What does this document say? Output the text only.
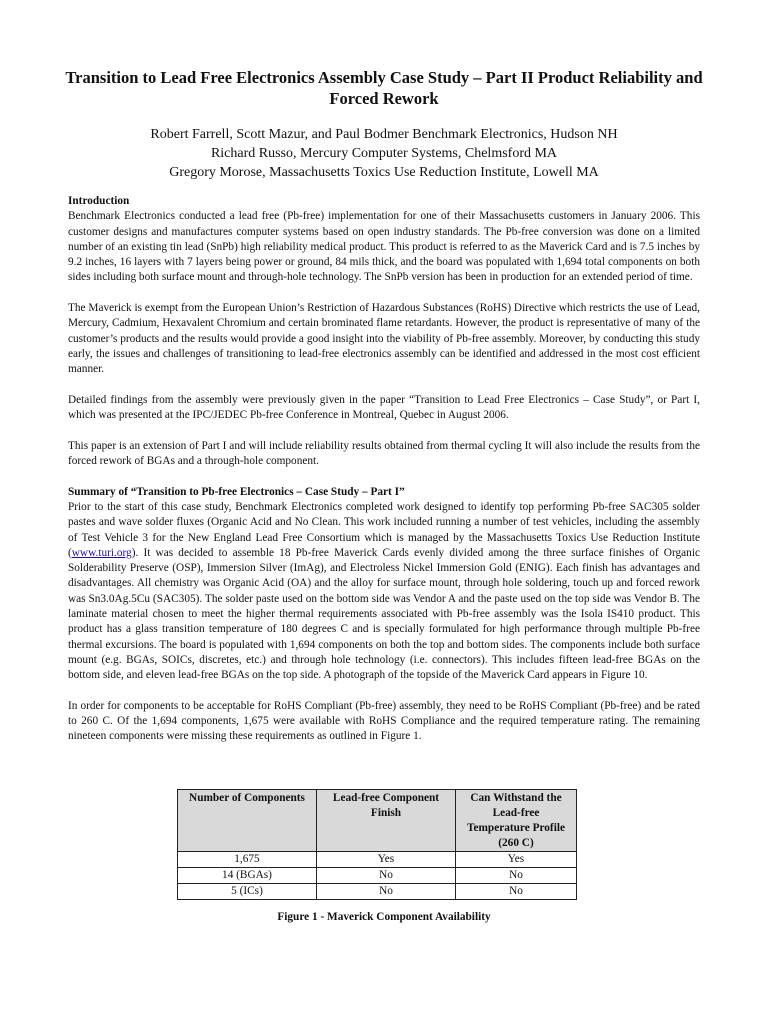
Transition to Lead Free Electronics Assembly Case Study – Part II Product Reliability and Forced Rework
Robert Farrell, Scott Mazur, and Paul Bodmer Benchmark Electronics, Hudson NH
Richard Russo, Mercury Computer Systems, Chelmsford MA
Gregory Morose, Massachusetts Toxics Use Reduction Institute, Lowell MA
Introduction

Benchmark Electronics conducted a lead free (Pb-free) implementation for one of their Massachusetts customers in January 2006. This customer designs and manufactures computer systems based on open industry standards. The Pb-free conversion was done on a limited number of an existing tin lead (SnPb) high reliability medical product. This product is referred to as the Maverick Card and is 7.5 inches by 9.2 inches, 16 layers with 7 layers being power or ground, 84 mils thick, and the board was populated with 1,694 total components on both sides including both surface mount and through-hole technology. The SnPb version has been in production for an extended period of time.

The Maverick is exempt from the European Union’s Restriction of Hazardous Substances (RoHS) Directive which restricts the use of Lead, Mercury, Cadmium, Hexavalent Chromium and certain brominated flame retardants. However, the product is representative of many of the customer’s products and the results would provide a good insight into the viability of Pb-free assembly. Moreover, by conducting this study early, the issues and challenges of transitioning to lead-free electronics assembly can be identified and addressed in the most cost efficient manner.

Detailed findings from the assembly were previously given in the paper “Transition to Lead Free Electronics – Case Study”, or Part I, which was presented at the IPC/JEDEC Pb-free Conference in Montreal, Quebec in August 2006.

This paper is an extension of Part I and will include reliability results obtained from thermal cycling It will also include the results from the forced rework of BGAs and a through-hole component.

Summary of “Transition to Pb-free Electronics – Case Study – Part I”

Prior to the start of this case study, Benchmark Electronics completed work designed to identify top performing Pb-free SAC305 solder pastes and wave solder fluxes (Organic Acid and No Clean. This work included running a number of test vehicles, including the assembly of Test Vehicle 3 for the New England Lead Free Consortium which is managed by the Massachusetts Toxics Use Reduction Institute (www.turi.org). It was decided to assemble 18 Pb-free Maverick Cards evenly divided among the three surface finishes of Organic Solderability Preserve (OSP), Immersion Silver (ImAg), and Electroless Nickel Immersion Gold (ENIG). Each finish has advantages and disadvantages. All chemistry was Organic Acid (OA) and the alloy for surface mount, through hole soldering, touch up and forced rework was Sn3.0Ag.5Cu (SAC305). The solder paste used on the bottom side was Vendor A and the paste used on the top side was Vendor B. The laminate material chosen to meet the higher thermal requirements associated with Pb-free assembly was the Isola IS410 product. This product has a glass transition temperature of 180 degrees C and is specially formulated for high performance through multiple Pb-free thermal excursions. The board is populated with 1,694 components on both the top and bottom sides. The components include both surface mount (e.g. BGAs, SOICs, discretes, etc.) and through hole technology (i.e. connectors). This includes fifteen lead-free BGAs on the bottom side, and eleven lead-free BGAs on the top side. A photograph of the topside of the Maverick Card appears in Figure 10.

In order for components to be acceptable for RoHS Compliant (Pb-free) assembly, they need to be RoHS Compliant (Pb-free) and be rated to 260 C. Of the 1,694 components, 1,675 were available with RoHS Compliance and the required temperature rating. The remaining nineteen components were missing these requirements as outlined in Figure 1.

Number of Components	Lead-free Component Finish	Can Withstand the Lead-free Temperature Profile (260 C)
1,675	Yes	Yes
14 (BGAs)	No	No
5 (ICs)	No	No
Figure 1 - Maverick Component Availability
